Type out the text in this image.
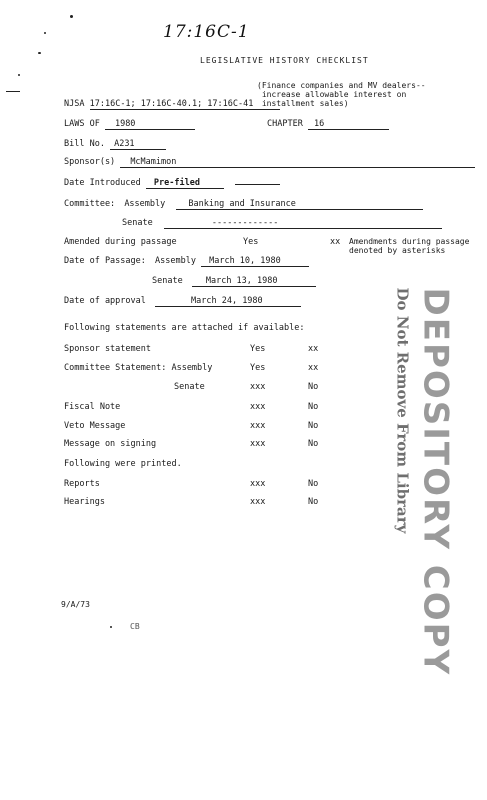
17:16C-1
LEGISLATIVE HISTORY CHECKLIST
(Finance companies and MV dealers--
increase allowable interest on
installment sales)
NJSA 17:16C-1; 17:16C-40.1; 17:16C-41
LAWS OF 1980	CHAPTER 16
Bill No. A231
Sponsor(s) McMamimon
Date Introduced Pre-filed
Committee: Assembly	Banking and Insurance
Senate	-------------
Amended during passage	Yes	xx Amendments during passage
denoted by asterisks
Date of Passage: Assembly March 10, 1980
Senate	March 13, 1980
Date of approval	March 24, 1980
Following statements are attached if available:
Sponsor statement	Yes	xx
Committee Statement: Assembly	Yes	xx
Senate	xxx	No
Fiscal Note	xxx	No
Veto Message	xxx	No
Message on signing	xxx	No
Following were printed.
Reports	xxx	No
Hearings	xxx	No	DEPOSITORY COPY
Do Not Remove From Library
9/A/73
CB
